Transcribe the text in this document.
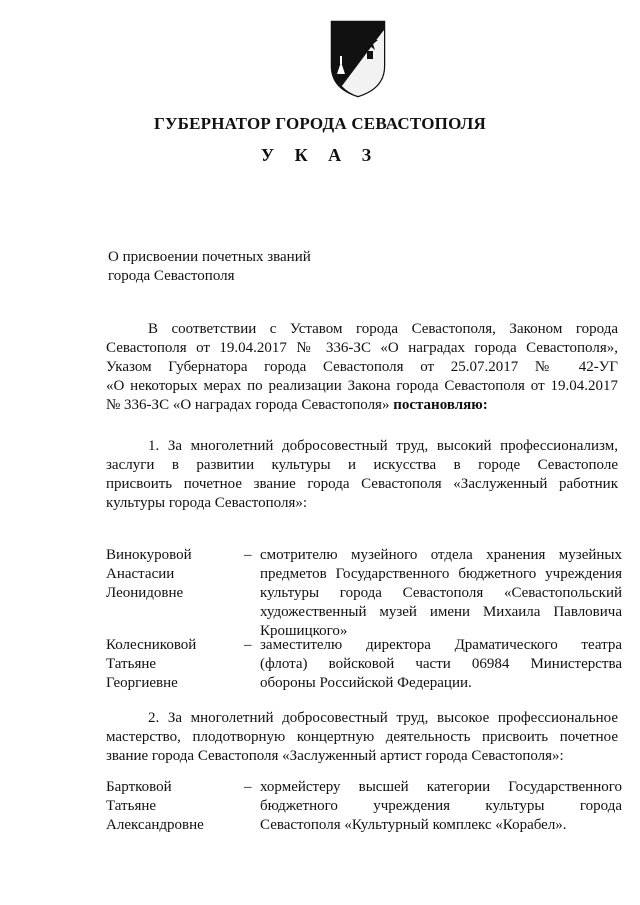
ГУБЕРНАТОР ГОРОДА СЕВАСТОПОЛЯ
У К А З
О присвоении почетных званий
города Севастополя
В соответствии с Уставом города Севастополя, Законом города
Севастополя от 19.04.2017 № 336-ЗС «О наградах города Севастополя»,
Указом Губернатора города Севастополя от 25.07.2017 № 42-УГ
«О некоторых мерах по реализации Закона города Севастополя от 19.04.2017
№ 336-ЗС «О наградах города Севастополя» постановляю:
1. За многолетний добросовестный труд, высокий профессионализм,
заслуги в развитии культуры и искусства в городе Севастополе
присвоить почетное звание города Севастополя «Заслуженный работник
культуры города Севастополя»:
Винокуровой
Анастасии
Леонидовне
– смотрителю музейного отдела хранения музейных
предметов Государственного бюджетного учреждения
культуры города Севастополя «Севастопольский
художественный музей имени Михаила Павловича
Крошицкого»
Колесниковой
Татьяне
Георгиевне
– заместителю директора Драматического театра
(флота) войсковой части 06984 Министерства
обороны Российской Федерации.
2. За многолетний добросовестный труд, высокое профессиональное
мастерство, плодотворную концертную деятельность присвоить почетное
звание города Севастополя «Заслуженный артист города Севастополя»:
Бартковой
Татьяне
Александровне
– хормейстеру высшей категории Государственного
бюджетного учреждения культуры города
Севастополя «Культурный комплекс «Корабел».
